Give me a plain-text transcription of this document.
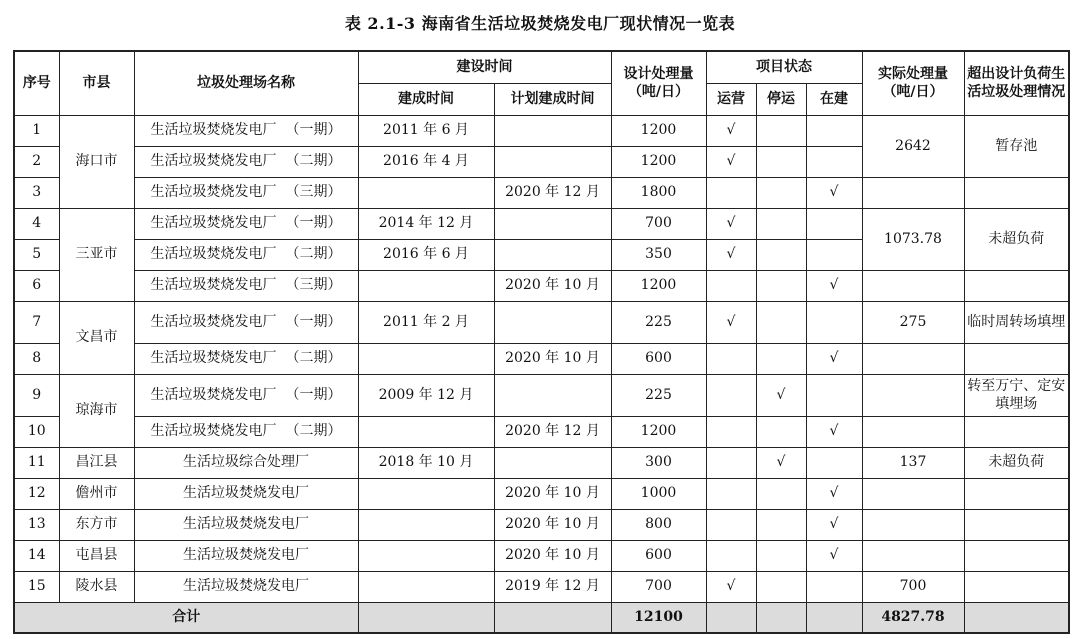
表 2.1-3 海南省生活垃圾焚烧发电厂现状情况一览表
序号	市县	垃圾处理场名称	建设时间		设计处理量（吨/日）	项目状态			实际处理量（吨/日）	超出设计负荷生活垃圾处理情况
			建成时间	计划建成时间		运营	停运	在建		
1	海口市	生活垃圾焚烧发电厂  （一期）	2011 年 6 月		1200	√			2642	暂存池
2		生活垃圾焚烧发电厂  （二期）	2016 年 4 月		1200	√				
3		生活垃圾焚烧发电厂  （三期）		2020 年 12 月	1800			√		
4	三亚市	生活垃圾焚烧发电厂  （一期）	2014 年 12 月		700	√			1073.78	未超负荷
5		生活垃圾焚烧发电厂  （二期）	2016 年 6 月		350	√				
6		生活垃圾焚烧发电厂  （三期）		2020 年 10 月	1200			√		
7	文昌市	生活垃圾焚烧发电厂  （一期）	2011 年 2 月		225	√			275	临时周转场填埋
8		生活垃圾焚烧发电厂  （二期）		2020 年 10 月	600			√		
9	琼海市	生活垃圾焚烧发电厂  （一期）	2009 年 12 月		225		√			转至万宁、定安填埋场
10		生活垃圾焚烧发电厂  （二期）		2020 年 12 月	1200			√		
11	昌江县	生活垃圾综合处理厂	2018 年 10 月		300		√		137	未超负荷
12	儋州市	生活垃圾焚烧发电厂		2020 年 10 月	1000			√		
13	东方市	生活垃圾焚烧发电厂		2020 年 10 月	800			√		
14	屯昌县	生活垃圾焚烧发电厂		2020 年 10 月	600			√		
15	陵水县	生活垃圾焚烧发电厂		2019 年 12 月	700	√			700	
合计					12100				4827.78	
